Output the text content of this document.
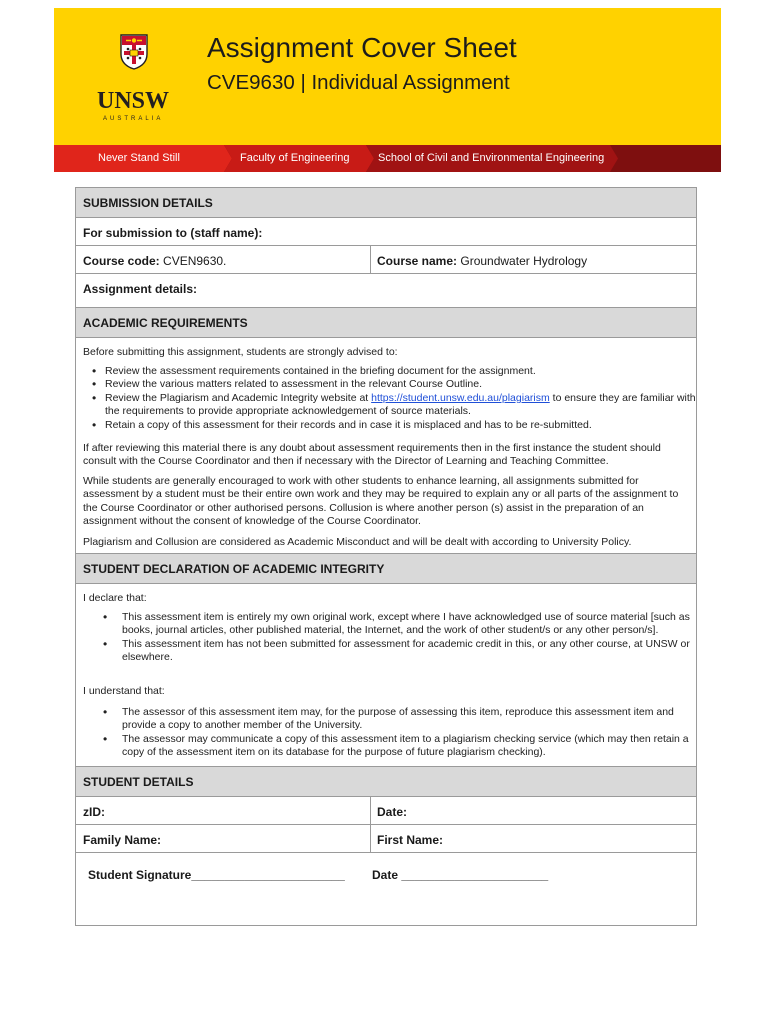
UNSW
AUSTRALIA
Assignment Cover Sheet
CVE9630 | Individual Assignment
Never Stand Still	Faculty of Engineering	School of Civil and Environmental Engineering
SUBMISSION DETAILS
For submission to (staff name):
Course code: CVEN9630.	Course name: Groundwater Hydrology
Assignment details:
ACADEMIC REQUIREMENTS
Before submitting this assignment, students are strongly advised to:
• Review the assessment requirements contained in the briefing document for the assignment.
• Review the various matters related to assessment in the relevant Course Outline.
• Review the Plagiarism and Academic Integrity website at https://student.unsw.edu.au/plagiarism to ensure they are familiar with the requirements to provide appropriate acknowledgement of source materials.
• Retain a copy of this assessment for their records and in case it is misplaced and has to be re-submitted.
If after reviewing this material there is any doubt about assessment requirements then in the first instance the student should consult with the Course Coordinator and then if necessary with the Director of Learning and Teaching Committee.
While students are generally encouraged to work with other students to enhance learning, all assignments submitted for assessment by a student must be their entire own work and they may be required to explain any or all parts of the assignment to the Course Coordinator or other authorised persons. Collusion is where another person (s) assist in the preparation of an assignment without the consent of knowledge of the Course Coordinator.
Plagiarism and Collusion are considered as Academic Misconduct and will be dealt with according to University Policy.
STUDENT DECLARATION OF ACADEMIC INTEGRITY
I declare that:
• This assessment item is entirely my own original work, except where I have acknowledged use of source material [such as books, journal articles, other published material, the Internet, and the work of other student/s or any other person/s].
• This assessment item has not been submitted for assessment for academic credit in this, or any other course, at UNSW or elsewhere.
I understand that:
• The assessor of this assessment item may, for the purpose of assessing this item, reproduce this assessment item and provide a copy to another member of the University.
• The assessor may communicate a copy of this assessment item to a plagiarism checking service (which may then retain a copy of the assessment item on its database for the purpose of future plagiarism checking).
STUDENT DETAILS
zID:	Date:
Family Name:	First Name:
Student Signature_______________________ Date ______________________
